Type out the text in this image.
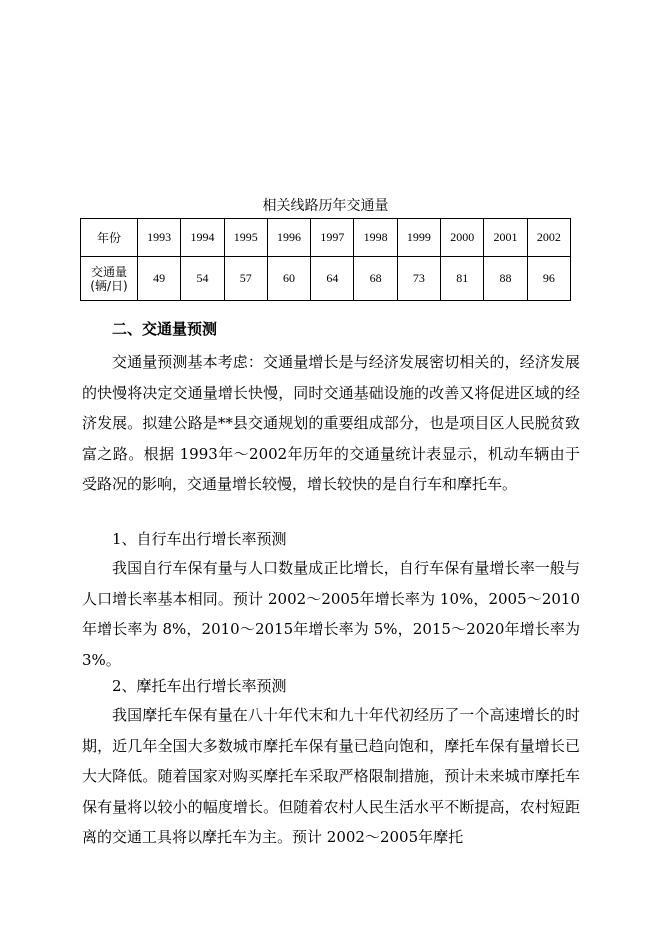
相关线路历年交通量
年份	1993	1994	1995	1996	1997	1998	1999	2000	2001	2002

交通量
(辆/日)	49	54	57	60	64	68	73	81	88	96
二、交通量预测
交通量预测基本考虑：交通量增长是与经济发展密切相关的，经济发展的快慢将决定交通量增长快慢，同时交通基础设施的改善又将促进区域的经济发展。拟建公路是**县交通规划的重要组成部分，也是项目区人民脱贫致富之路。根据 1993年～2002年历年的交通量统计表显示，机动车辆由于受路况的影响，交通量增长较慢，增长较快的是自行车和摩托车。
1、自行车出行增长率预测
我国自行车保有量与人口数量成正比增长，自行车保有量增长率一般与人口增长率基本相同。预计 2002～2005年增长率为 10%，2005～2010年增长率为 8%，2010～2015年增长率为 5%，2015～2020年增长率为 3%。
2、摩托车出行增长率预测
我国摩托车保有量在八十年代末和九十年代初经历了一个高速增长的时期，近几年全国大多数城市摩托车保有量已趋向饱和，摩托车保有量增长已大大降低。随着国家对购买摩托车采取严格限制措施，预计未来城市摩托车保有量将以较小的幅度增长。但随着农村人民生活水平不断提高，农村短距离的交通工具将以摩托车为主。预计 2002～2005年摩托
